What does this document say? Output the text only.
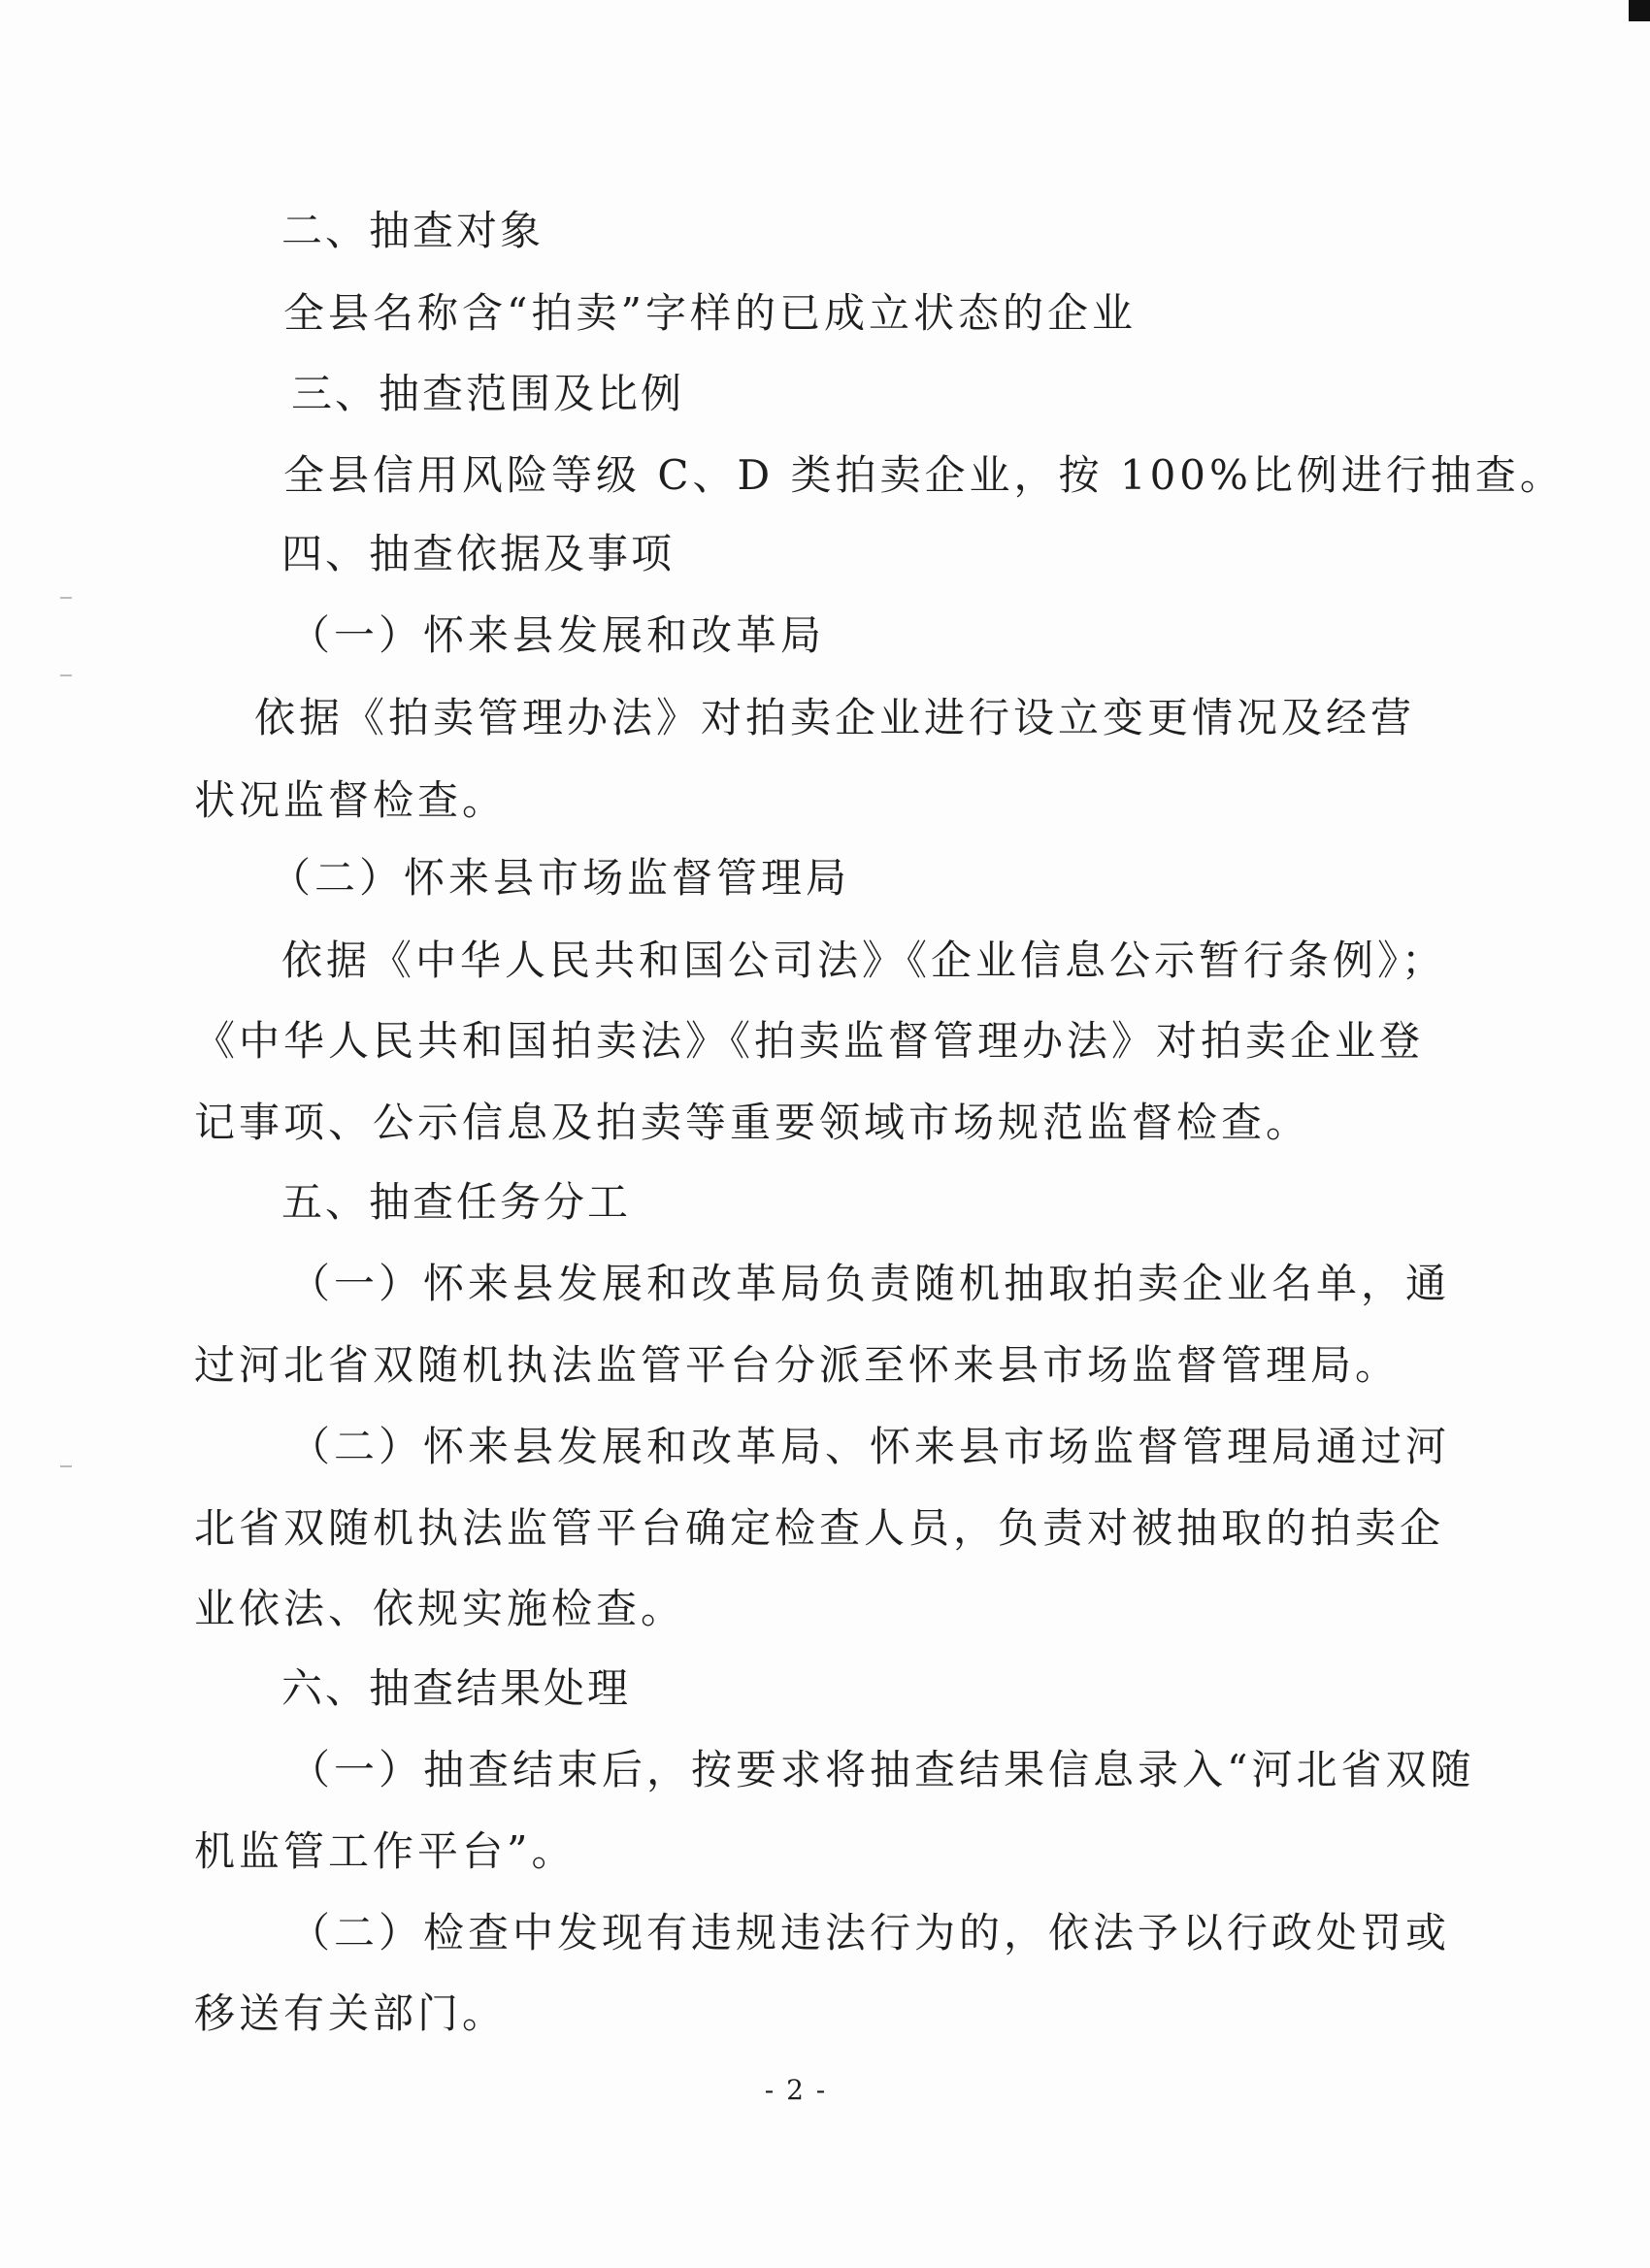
二、抽查对象
全县名称含“拍卖”字样的已成立状态的企业
三、抽查范围及比例
全县信用风险等级 C、D 类拍卖企业，按 100%比例进行抽查。
四、抽查依据及事项
（一）怀来县发展和改革局
依据《拍卖管理办法》对拍卖企业进行设立变更情况及经营
状况监督检查。
（二）怀来县市场监督管理局
依据《中华人民共和国公司法》《企业信息公示暂行条例》；
《中华人民共和国拍卖法》《拍卖监督管理办法》对拍卖企业登
记事项、公示信息及拍卖等重要领域市场规范监督检查。
五、抽查任务分工
（一）怀来县发展和改革局负责随机抽取拍卖企业名单，通
过河北省双随机执法监管平台分派至怀来县市场监督管理局。
（二）怀来县发展和改革局、怀来县市场监督管理局通过河
北省双随机执法监管平台确定检查人员，负责对被抽取的拍卖企
业依法、依规实施检查。
六、抽查结果处理
（一）抽查结束后，按要求将抽查结果信息录入“河北省双随
机监管工作平台”。
（二）检查中发现有违规违法行为的，依法予以行政处罚或
移送有关部门。
- 2 -
